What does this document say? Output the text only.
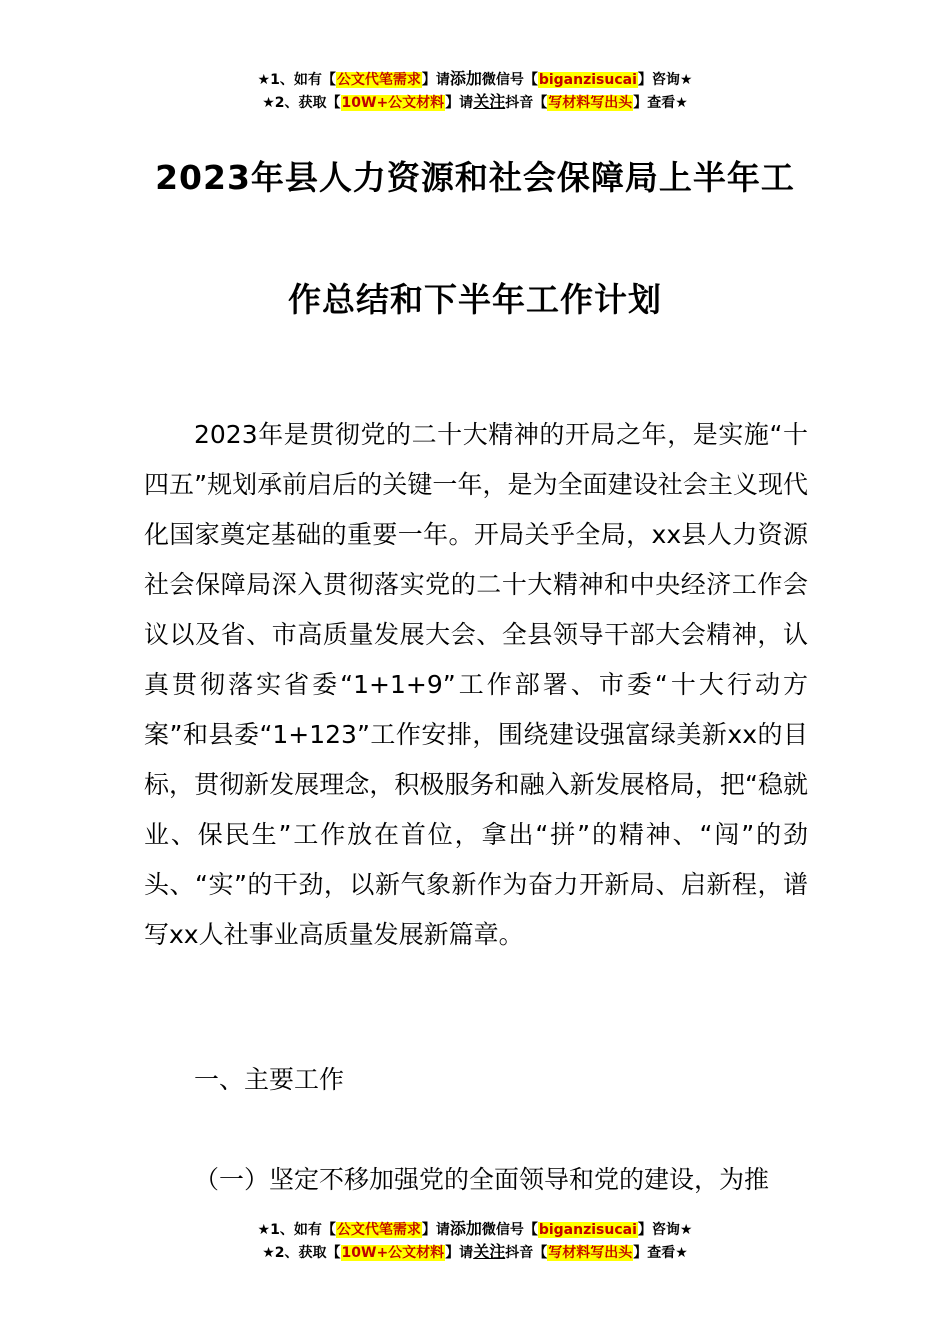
★1、如有【公文代笔需求】请添加微信号【biganzisucai】咨询★
★2、获取【10W+公文材料】请关注抖音【写材料写出头】查看★
2023年县人力资源和社会保障局上半年工
作总结和下半年工作计划

2023年是贯彻党的二十大精神的开局之年，是实施“十四五”规划承前启后的关键一年，是为全面建设社会主义现代化国家奠定基础的重要一年。开局关乎全局，xx县人力资源社会保障局深入贯彻落实党的二十大精神和中央经济工作会议以及省、市高质量发展大会、全县领导干部大会精神，认真贯彻落实省委“1+1+9”工作部署、市委“十大行动方案”和县委“1+123”工作安排，围绕建设强富绿美新xx的目标，贯彻新发展理念，积极服务和融入新发展格局，把“稳就业、保民生”工作放在首位，拿出“拼”的精神、“闯”的劲头、“实”的干劲，以新气象新作为奋力开新局、启新程，谱写xx人社事业高质量发展新篇章。

一、主要工作

（一）坚定不移加强党的全面领导和党的建设，为推

★1、如有【公文代笔需求】请添加微信号【biganzisucai】咨询★
★2、获取【10W+公文材料】请关注抖音【写材料写出头】查看★
